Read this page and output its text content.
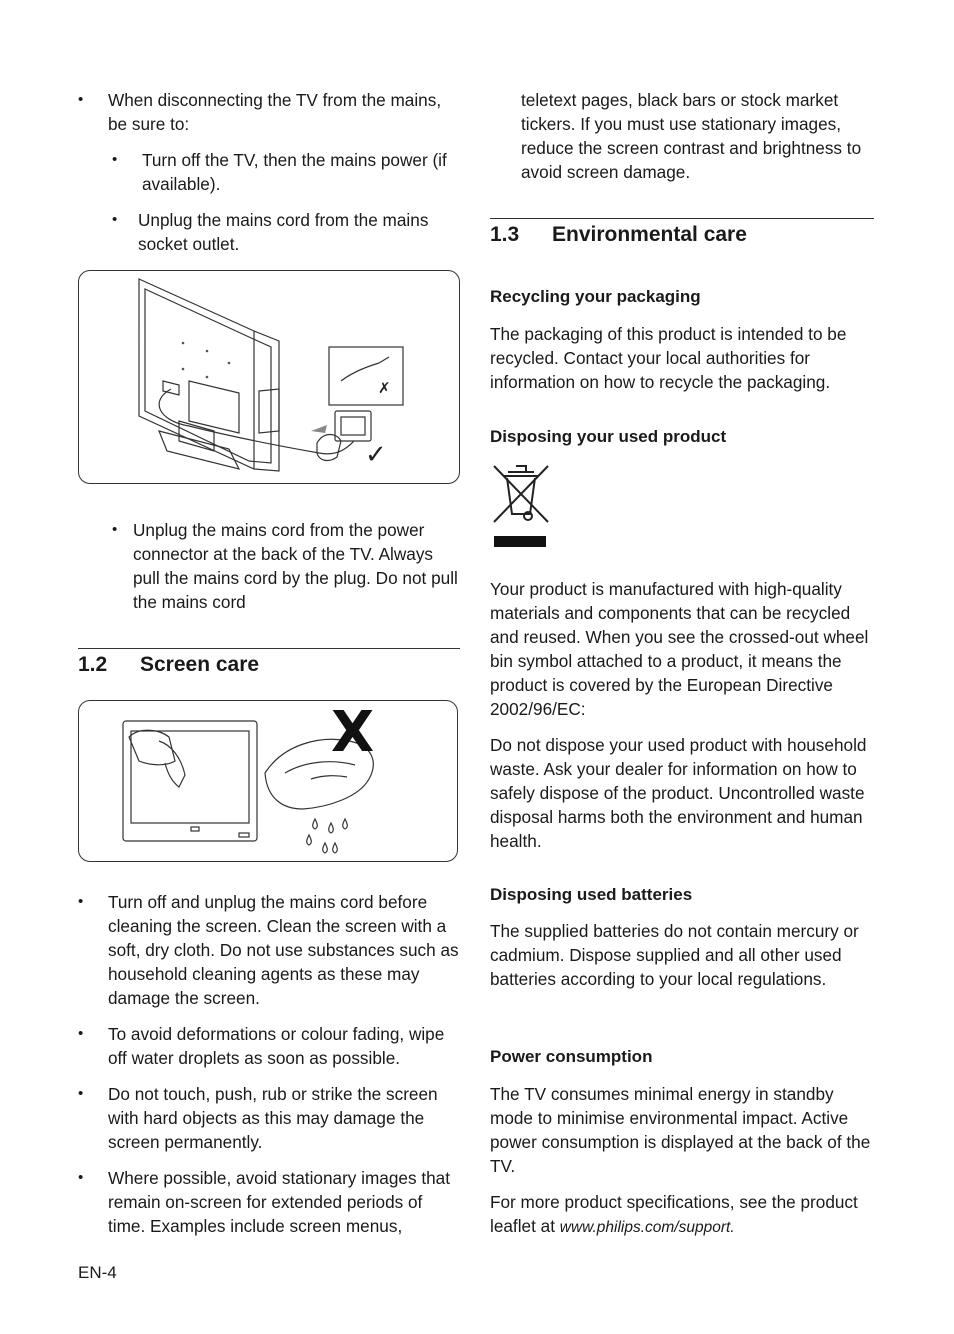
• When disconnecting the TV from the mains, be sure to:
• Turn off the TV, then the mains power (if available).
• Unplug the mains cord from the mains socket outlet.
✗
✓
• Unplug the mains cord from the power connector at the back of the TV. Always pull the mains cord by the plug. Do not pull the mains cord
1.2 Screen care
X
• Turn off and unplug the mains cord before cleaning the screen. Clean the screen with a soft, dry cloth. Do not use substances such as household cleaning agents as these may damage the screen.
• To avoid deformations or colour fading, wipe off water droplets as soon as possible.
• Do not touch, push, rub or strike the screen with hard objects as this may damage the screen permanently.
• Where possible, avoid stationary images that remain on-screen for extended periods of time. Examples include screen menus,
teletext pages, black bars or stock market tickers. If you must use stationary images, reduce the screen contrast and brightness to avoid screen damage.
1.3 Environmental care
Recycling your packaging
The packaging of this product is intended to be recycled. Contact your local authorities for information on how to recycle the packaging.
Disposing your used product
Your product is manufactured with high-quality materials and components that can be recycled and reused. When you see the crossed-out wheel bin symbol attached to a product, it means the product is covered by the European Directive 2002/96/EC:
Do not dispose your used product with household waste. Ask your dealer for information on how to safely dispose of the product. Uncontrolled waste disposal harms both the environment and human health.
Disposing used batteries
The supplied batteries do not contain mercury or cadmium. Dispose supplied and all other used batteries according to your local regulations.
Power consumption
The TV consumes minimal energy in standby mode to minimise environmental impact. Active power consumption is displayed at the back of the TV.
For more product specifications, see the product leaflet at www.philips.com/support.
EN-4
